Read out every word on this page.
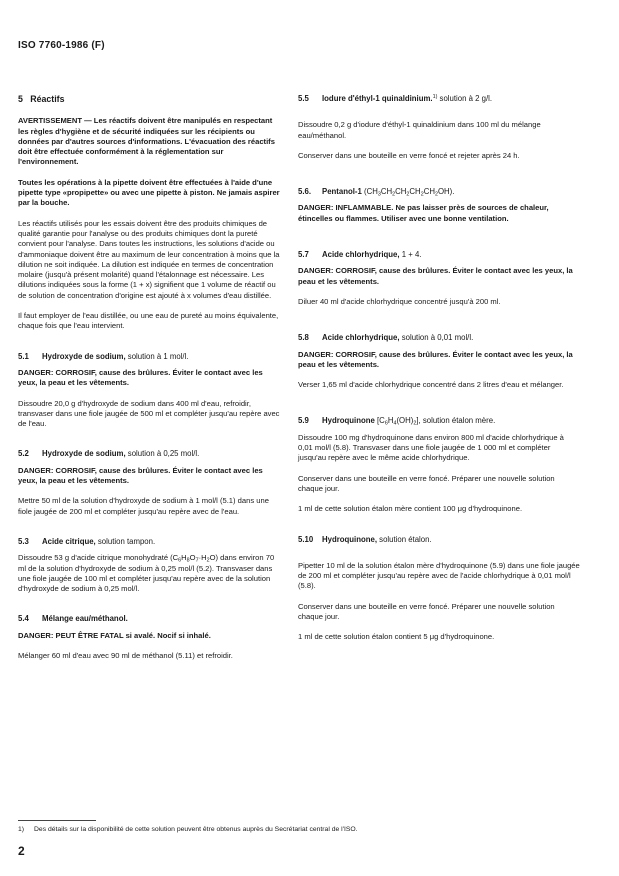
ISO 7760-1986 (F)
5 Réactifs

AVERTISSEMENT — Les réactifs doivent être manipulés en respectant les règles d'hygiène et de sécurité indiquées sur les récipients ou données par d'autres sources d'informations. L'évacuation des réactifs doit être effectuée conformément à la réglementation sur l'environnement.

Toutes les opérations à la pipette doivent être effectuées à l'aide d'une pipette type «propipette» ou avec une pipette à piston. Ne jamais aspirer par la bouche.

Les réactifs utilisés pour les essais doivent être des produits chimiques de qualité garantie pour l'analyse ou des produits chimiques dont la pureté convient pour l'analyse. Dans toutes les instructions, les solutions d'acide ou d'ammoniaque doivent être au maximum de leur concentration à moins que la dilution ne soit indiquée. La dilution est indiquée en termes de concentration molaire (jusqu'à présent molarité) quand l'étalonnage est nécessaire. Les dilutions indiquées sous la forme (1 + x) signifient que 1 volume de réactif ou de solution de concentration d'origine est ajouté à x volumes d'eau distillée.

Il faut employer de l'eau distillée, ou une eau de pureté au moins équivalente, chaque fois que l'eau intervient.

5.1 Hydroxyde de sodium, solution à 1 mol/l.

DANGER: CORROSIF, cause des brûlures. Éviter le contact avec les yeux, la peau et les vêtements.

Dissoudre 20,0 g d'hydroxyde de sodium dans 400 ml d'eau, refroidir, transvaser dans une fiole jaugée de 500 ml et compléter jusqu'au repère avec de l'eau.

5.2 Hydroxyde de sodium, solution à 0,25 mol/l.

DANGER: CORROSIF, cause des brûlures. Éviter le contact avec les yeux, la peau et les vêtements.

Mettre 50 ml de la solution d'hydroxyde de sodium à 1 mol/l (5.1) dans une fiole jaugée de 200 ml et compléter jusqu'au repère avec de l'eau.

5.3 Acide citrique, solution tampon.

Dissoudre 53 g d'acide citrique monohydraté $(C_6H_8O_7\cdot H_2O)$ dans environ 70 ml de la solution d'hydroxyde de sodium à 0,25 mol/l (5.2). Transvaser dans une fiole jaugée de 100 ml et compléter jusqu'au repère avec de la solution d'hydroxyde de sodium à 0,25 mol/l.

5.4 Mélange eau/méthanol.

DANGER: PEUT ÊTRE FATAL si avalé. Nocif si inhalé.

Mélanger 60 ml d'eau avec 90 ml de méthanol (5.11) et refroidir.

5.5 Iodure d'éthyl-1 quinaldinium.$^{1)}$ solution à 2 g/l.

Dissoudre 0,2 g d'iodure d'éthyl-1 quinaldinium dans 100 ml du mélange eau/méthanol.

Conserver dans une bouteille en verre foncé et rejeter après 24 h.

5.6. Pentanol-1 $(CH_3CH_2CH_2CH_2CH_2OH)$.

DANGER: INFLAMMABLE. Ne pas laisser près de sources de chaleur, étincelles ou flammes. Utiliser avec une bonne ventilation.

5.7 Acide chlorhydrique, 1 + 4.

DANGER: CORROSIF, cause des brûlures. Éviter le contact avec les yeux, la peau et les vêtements.

Diluer 40 ml d'acide chlorhydrique concentré jusqu'à 200 ml.

5.8 Acide chlorhydrique, solution à 0,01 mol/l.

DANGER: CORROSIF, cause des brûlures. Éviter le contact avec les yeux, la peau et les vêtements.

Verser 1,65 ml d'acide chlorhydrique concentré dans 2 litres d'eau et mélanger.

5.9 Hydroquinone $[C_6H_4(OH)_2]$, solution étalon mère.

Dissoudre 100 mg d'hydroquinone dans environ 800 ml d'acide chlorhydrique à 0,01 mol/l (5.8). Transvaser dans une fiole jaugée de 1 000 ml et compléter jusqu'au repère avec le même acide chlorhydrique.

Conserver dans une bouteille en verre foncé. Préparer une nouvelle solution chaque jour.

1 ml de cette solution étalon mère contient 100 μg d'hydroquinone.

5.10 Hydroquinone, solution étalon.

Pipetter 10 ml de la solution étalon mère d'hydroquinone (5.9) dans une fiole jaugée de 200 ml et compléter jusqu'au repère avec de l'acide chlorhydrique à 0,01 mol/l (5.8).

Conserver dans une bouteille en verre foncé. Préparer une nouvelle solution chaque jour.

1 ml de cette solution étalon contient 5 μg d'hydroquinone.

1) Des détails sur la disponibilité de cette solution peuvent être obtenus auprès du Secrétariat central de l'ISO.
2
